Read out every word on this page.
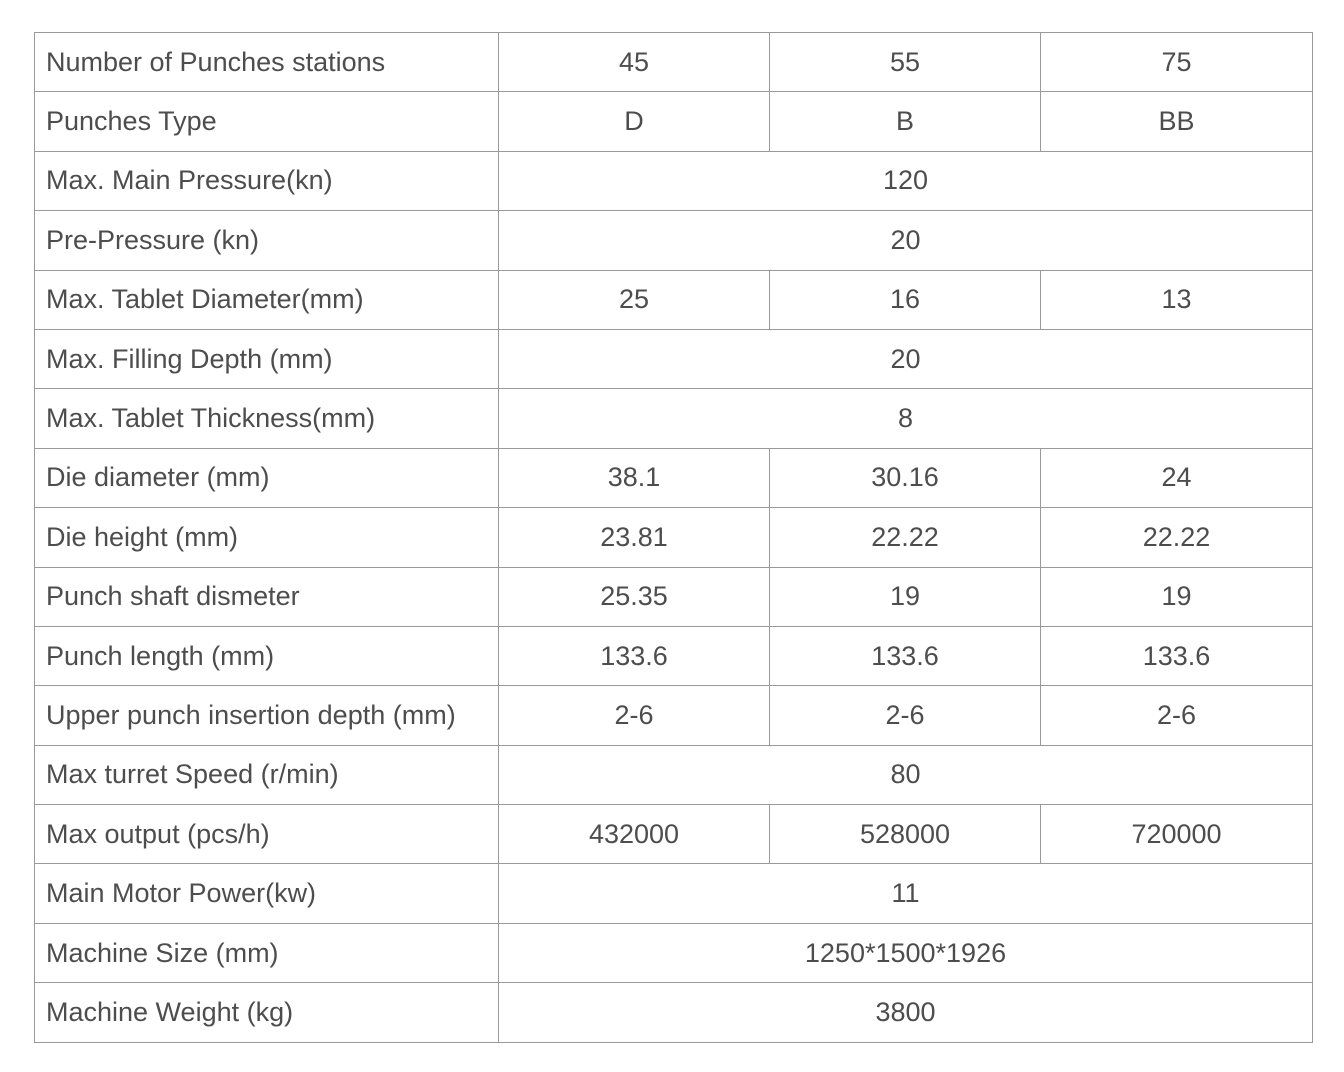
Number of Punches stations	45	55	75
Punches Type	D	B	BB
Max. Main Pressure(kn)	120		
Pre-Pressure (kn)	20		
Max. Tablet Diameter(mm)	25	16	13
Max. Filling Depth (mm)	20		
Max. Tablet Thickness(mm)	8		
Die diameter (mm)	38.1	30.16	24
Die height (mm)	23.81	22.22	22.22
Punch shaft dismeter	25.35	19	19
Punch length (mm)	133.6	133.6	133.6
Upper punch insertion depth (mm)	2-6	2-6	2-6
Max turret Speed (r/min)	80		
Max output (pcs/h)	432000	528000	720000
Main Motor Power(kw)	11		
Machine Size (mm)	1250*1500*1926		
Machine Weight (kg)	3800		
